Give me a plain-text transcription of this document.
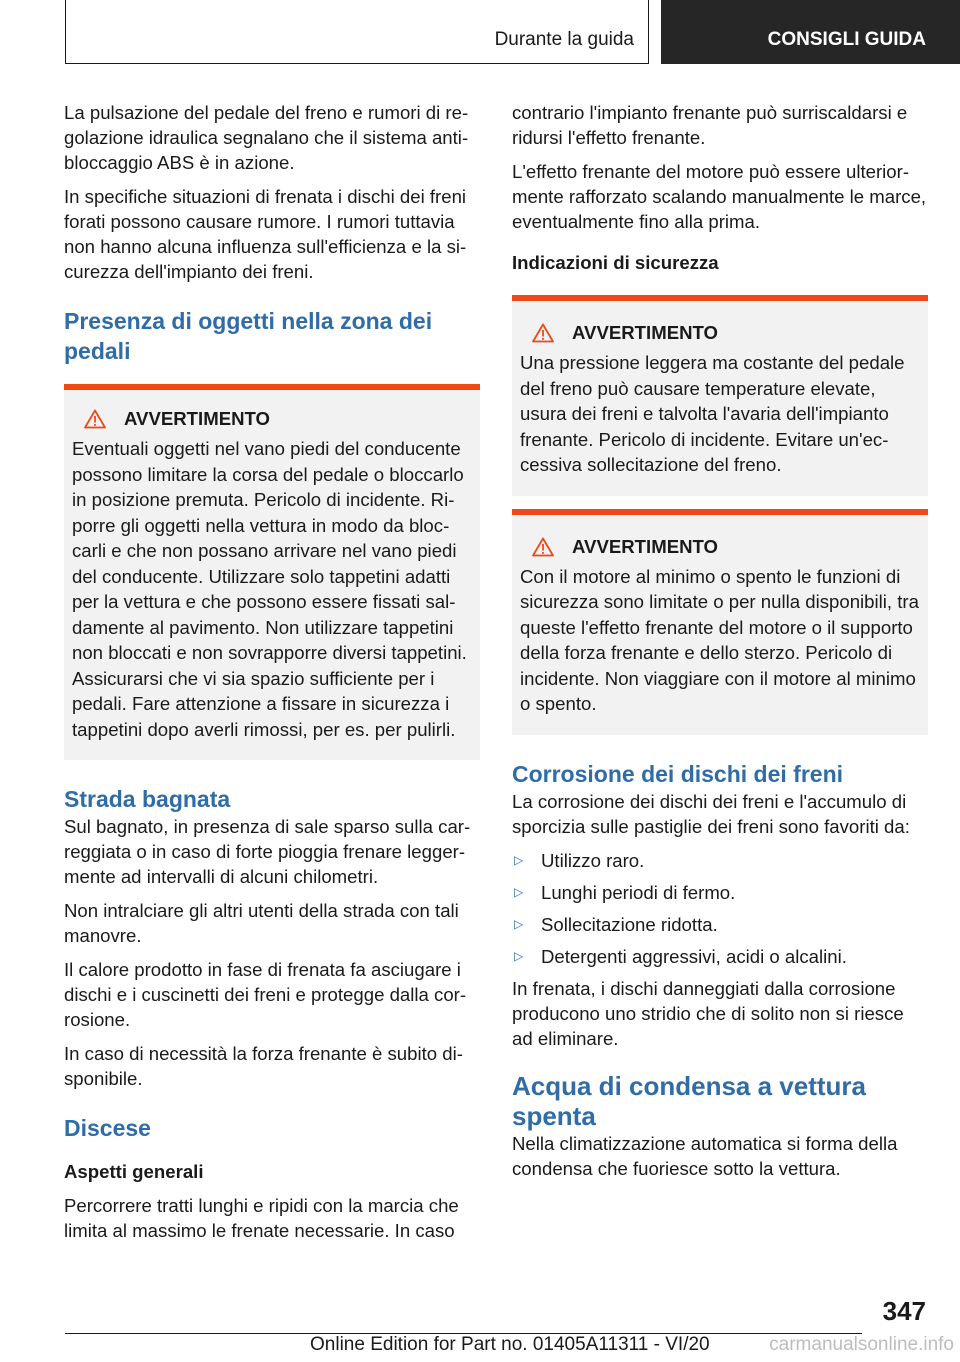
Durante la guida	CONSIGLI GUIDA

La pulsazione del pedale del freno e rumori di regolazione idraulica segnalano che il sistema antibloccaggio ABS è in azione.

In specifiche situazioni di frenata i dischi dei freni forati possono causare rumore. I rumori tuttavia non hanno alcuna influenza sull'efficienza e la sicurezza dell'impianto dei freni.

Presenza di oggetti nella zona dei pedali
AVVERTIMENTO

Eventuali oggetti nel vano piedi del conducente possono limitare la corsa del pedale o bloccarlo in posizione premuta. Pericolo di incidente. Riporre gli oggetti nella vettura in modo da bloccarli e che non possano arrivare nel vano piedi del conducente. Utilizzare solo tappetini adatti per la vettura e che possono essere fissati saldamente al pavimento. Non utilizzare tappetini non bloccati e non sovrapporre diversi tappetini. Assicurarsi che vi sia spazio sufficiente per i pedali. Fare attenzione a fissare in sicurezza i tappetini dopo averli rimossi, per es. per pulirli.

Strada bagnata

Sul bagnato, in presenza di sale sparso sulla carreggiata o in caso di forte pioggia frenare leggermente ad intervalli di alcuni chilometri.

Non intralciare gli altri utenti della strada con tali manovre.

Il calore prodotto in fase di frenata fa asciugare i dischi e i cuscinetti dei freni e protegge dalla corrosione.

In caso di necessità la forza frenante è subito disponibile.

Discese
Aspetti generali

Percorrere tratti lunghi e ripidi con la marcia che limita al massimo le frenate necessarie. In caso

contrario l'impianto frenante può surriscaldarsi e ridursi l'effetto frenante.

L'effetto frenante del motore può essere ulteriormente rafforzato scalando manualmente le marce, eventualmente fino alla prima.

Indicazioni di sicurezza
AVVERTIMENTO

Una pressione leggera ma costante del pedale del freno può causare temperature elevate, usura dei freni e talvolta l'avaria dell'impianto frenante. Pericolo di incidente. Evitare un'eccessiva sollecitazione del freno.

AVVERTIMENTO

Con il motore al minimo o spento le funzioni di sicurezza sono limitate o per nulla disponibili, tra queste l'effetto frenante del motore o il supporto della forza frenante e dello sterzo. Pericolo di incidente. Non viaggiare con il motore al minimo o spento.

Corrosione dei dischi dei freni

La corrosione dei dischi dei freni e l'accumulo di sporcizia sulle pastiglie dei freni sono favoriti da:

▷ Utilizzo raro.
▷ Lunghi periodi di fermo.
▷ Sollecitazione ridotta.
▷ Detergenti aggressivi, acidi o alcalini.

In frenata, i dischi danneggiati dalla corrosione producono uno stridio che di solito non si riesce ad eliminare.

Acqua di condensa a vettura spenta

Nella climatizzazione automatica si forma della condensa che fuoriesce sotto la vettura.

347
Online Edition for Part no. 01405A11311 - VI/20	carmanualsonline.info
